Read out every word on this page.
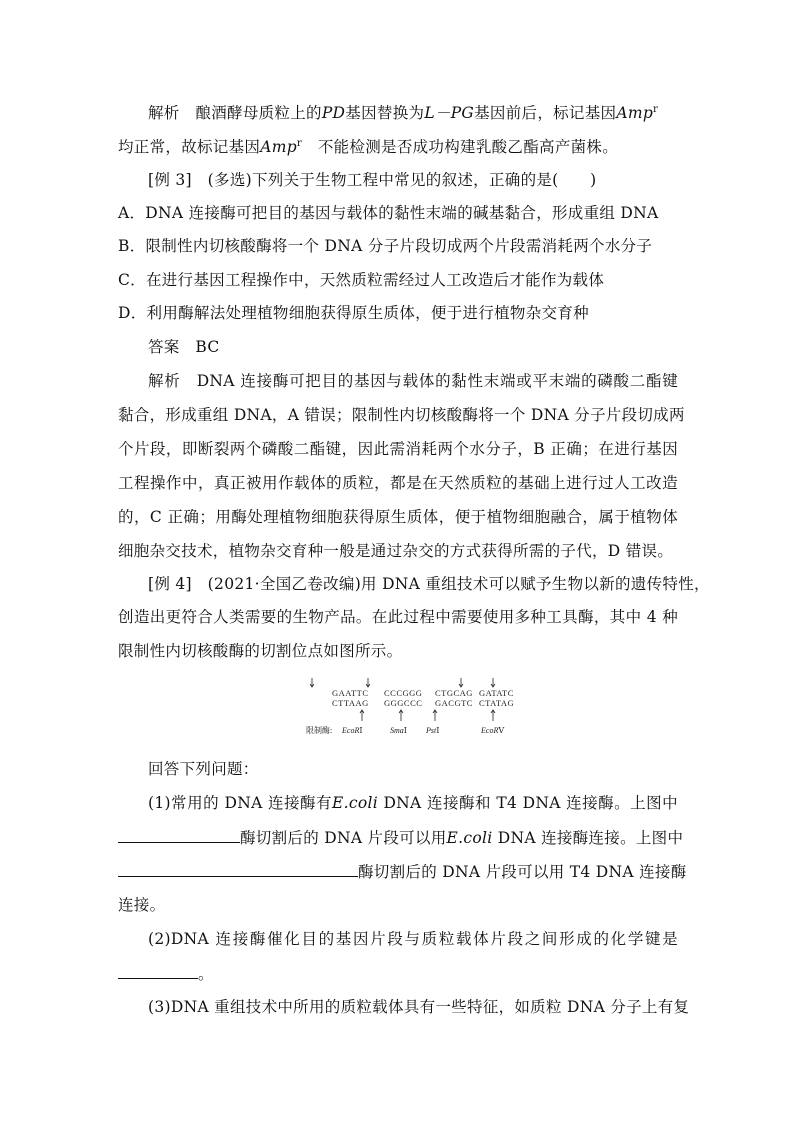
解析　 酿酒酵母质粒上的PD基因替换为L－PG基因前后，标记基因Amp$^r$
均正常，故标记基因Amp$^r$　 不能检测是否成功构建乳酸乙酯高产菌株。
[例 3]　(多选)下列关于生物工程中常见的叙述，正确的是(　　)
A．DNA 连接酶可把目的基因与载体的黏性末端的碱基黏合，形成重组 DNA
B．限制性内切核酸酶将一个 DNA 分子片段切成两个片段需消耗两个水分子
C．在进行基因工程操作中，天然质粒需经过人工改造后才能作为载体
D．利用酶解法处理植物细胞获得原生质体，便于进行植物杂交育种
答案　 BC
解析　 DNA 连接酶可把目的基因与载体的黏性末端或平末端的磷酸二酯键
黏合，形成重组 DNA，A 错误；限制性内切核酸酶将一个 DNA 分子片段切成两
个片段，即断裂两个磷酸二酯键，因此需消耗两个水分子，B 正确；在进行基因
工程操作中，真正被用作载体的质粒，都是在天然质粒的基础上进行过人工改造
的，C 正确；用酶处理植物细胞获得原生质体，便于植物细胞融合，属于植物体
细胞杂交技术，植物杂交育种一般是通过杂交的方式获得所需的子代，D 错误。
[例 4]　(2021·全国乙卷改编)用 DNA 重组技术可以赋予生物以新的遗传特性，
创造出更符合人类需要的生物产品。在此过程中需要使用多种工具酶，其中 4 种
限制性内切核酸酶的切割位点如图所示。
GAATTC
CTTAAG
CCCGGG
GGGCCC
CTGCAG
GACGTC
GATATC
CTATAG
限制酶: EcoRⅠ	SmaⅠ PstⅠ	EcoRⅤ
回答下列问题：
(1)常用的 DNA 连接酶有E.coli DNA 连接酶和 T4 DNA 连接酶。上图中
酶切割后的 DNA 片段可以用E.coli DNA 连接酶连接。上图中
酶切割后的 DNA 片段可以用 T4 DNA 连接酶
连接。
(2)DNA 连接酶催化目的基因片段与质粒载体片段之间形成的化学键是
。
(3)DNA 重组技术中所用的质粒载体具有一些特征，如质粒 DNA 分子上有复
